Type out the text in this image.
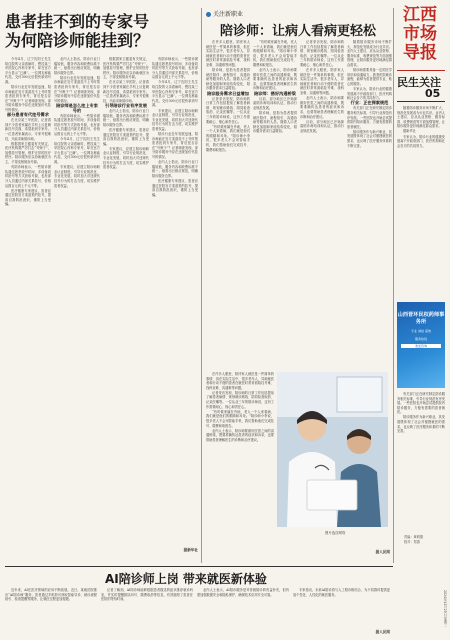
江西市场导报
民生关注
05
患者挂不到的专家号
为何陪诊师能挂到？

今年4月，辽宁沈阳王先生给住院的父亲看病时，想挂某三甲医院心内科专家号，却在官方平台显示“已满”。一位网友称能代挂，交付300元后很快拿到号源。

陪诊行业近年发展迅速，陪诊师能在官方渠道挂不上号时帮患者抢到专家号，背后是否存在“号贩子”？记者调查发现，部分陪诊服务中存在违规加价代挂号的情况。

部分患者有代挂号需求

在北京某三甲医院，记者看到不少患者家属在手机上反复刷新挂号页面，希望抢到专家号。一位患者家属表示，专家号很难挂，只能求助陪诊师。

根据国家卫健委有关规定，医疗机构要严厉打击“号贩子”，加强挂号管理，维护正常的医疗秩序。陪诊服务应以协助就医为主，不得变相倒卖号源。

有陪诊师表示，一些陪诊团队通过熟悉放号时间、多设备同时抢号等方式获取号源，也有部分人员通过内部关系挂号，价格从数百元到上千元不等。

医疗健康专家建议，患者应通过医院官方渠道预约挂号，提高自我防范意识，谨防上当受骗。

业内人士指出，陪诊行业门槛较低，服务内容和收费标准不统一，亟需出台相应规范，明确陪诊服务边界。

陪诊行业近年发展迅速，陪诊师能在官方渠道挂不上号时帮患者抢到专家号，背后是否存在“号贩子”？记者调查发现，部分陪诊服务中存在违规加价代挂号的情况。

陪诊师是怎么挂上专家号的

有陪诊师表示，一些陪诊团队通过熟悉放号时间、多设备同时抢号等方式获取号源，也有部分人员通过内部关系挂号，价格从数百元到上千元不等。

今年4月，辽宁沈阳王先生给住院的父亲看病时，想挂某三甲医院心内科专家号，却在官方平台显示“已满”。一位网友称能代挂，交付300元后很快拿到号源。

专家建议，应建立陪诊师职业认证制度，引导行业规范化、专业化发展，同时加大对违规代挂号行为的打击力度，切实维护患者权益。

根据国家卫健委有关规定，医疗机构要严厉打击“号贩子”，加强挂号管理，维护正常的医疗秩序。陪诊服务应以协助就医为主，不得变相倒卖号源。

在北京某三甲医院，记者看到不少患者家属在手机上反复刷新挂号页面，希望抢到专家号。一位患者家属表示，专家号很难挂，只能求助陪诊师。

引导陪诊行业有序发展

业内人士指出，陪诊行业门槛较低，服务内容和收费标准不统一，亟需出台相应规范，明确陪诊服务边界。

医疗健康专家建议，患者应通过医院官方渠道预约挂号，提高自我防范意识，谨防上当受骗。

专家建议，应建立陪诊师职业认证制度，引导行业规范化、专业化发展，同时加大对违规代挂号行为的打击力度，切实维护患者权益。

有陪诊师表示，一些陪诊团队通过熟悉放号时间、多设备同时抢号等方式获取号源，也有部分人员通过内部关系挂号，价格从数百元到上千元不等。

今年4月，辽宁沈阳王先生给住院的父亲看病时，想挂某三甲医院心内科专家号，却在官方平台显示“已满”。一位网友称能代挂，交付300元后很快拿到号源。

专家建议，应建立陪诊师职业认证制度，引导行业规范化、专业化发展，同时加大对违规代挂号行为的打击力度，切实维护患者权益。

陪诊行业近年发展迅速，陪诊师能在官方渠道挂不上号时帮患者抢到专家号，背后是否存在“号贩子”？记者调查发现，部分陪诊服务中存在违规加价代挂号的情况。

业内人士指出，陪诊行业门槛较低，服务内容和收费标准不统一，亟需出台相应规范，明确陪诊服务边界。

医疗健康专家建议，患者应通过医院官方渠道预约挂号，提高自我防范意识，谨防上当受骗。

据新华社
关注新职业
陪诊师：让病人看病更轻松

在许多人眼里，陪伴家人就医是一件简单的事情，但在实际生活中，很多老年人、异地就医者和行动不便的患者在就医时常常面临挂号难、找科室难、沟通难等问题。

陪诊师，是指为患者提供就医陪伴、流程指引、沟通协助等服务的人员。随着人口老龄化加剧和家庭结构变化，陪诊服务需求日益增加。

陪诊服务需求日益增加

记者采访发现，陪诊师的日常工作包括提前了解患者病情、规划就诊路线、陪同检查取药、记录医嘱等。一位从业三年的陪诊师说，这份工作需要耐心、细心和责任心。

“有时候家属在外地，老人一个人来看病，我们就是他们的眼睛和耳朵。”陪诊师小李说，很多老人不会用智能手机，我们帮助他们完成挂号、缴费和取报告。

“有时候家属在外地，老人一个人来看病，我们就是他们的眼睛和耳朵。”陪诊师小李说，很多老人不会用智能手机，我们帮助他们完成挂号、缴费和取报告。

业内人士表示，陪诊师要做好医患之间的沟通桥梁，既要准确传达患者的症状和诉求，也要帮助患者理解医生的诊断和治疗建议。

陪诊师：搭好沟通桥梁

目前，部分地区已开始探索陪诊师培训和认证，推动行业规范发展。

陪诊师，是指为患者提供就医陪伴、流程指引、沟通协助等服务的人员。随着人口老龄化加剧和家庭结构变化，陪诊服务需求日益增加。

记者采访发现，陪诊师的日常工作包括提前了解患者病情、规划就诊路线、陪同检查取药、记录医嘱等。一位从业三年的陪诊师说，这份工作需要耐心、细心和责任心。

在许多人眼里，陪伴家人就医是一件简单的事情，但在实际生活中，很多老年人、异地就医者和行动不便的患者在就医时常常面临挂号难、找科室难、沟通难等问题。

业内人士表示，陪诊师要做好医患之间的沟通桥梁，既要准确传达患者的症状和诉求，也要帮助患者理解医生的诊断和治疗建议。

目前，部分地区已开始探索陪诊师培训和认证，推动行业规范发展。

随着陪诊服务市场不断扩大，规范化发展成为行业共识。业内人士建议，应从从业资格、服务标准、收费规范等方面加强管理，让陪诊服务更好地满足群众需求。

陪诊师需要具备一定的医学常识和沟通能力，熟悉医院就诊流程，能够为患者提供专业、贴心的服务。

专家认为，陪诊行业的健康发展离不开政府部门、医疗机构和社会各方的共同努力。

行业：正在探索规范

有关部门正在研究制定陪诊服务相关标准，引导行业规范有序发展。一些医院也开始尝试提供院内陪诊服务，方便有需要的患者就医。

陪诊服务作为新兴职业，其发展既体现了社会对便捷就医的需求，也反映了医疗服务体系的不断完善。

在许多人眼里，陪伴家人就医是一件简单的事情，但在实际生活中，很多老年人、异地就医者和行动不便的患者在就医时常常面临挂号难、找科室难、沟通难等问题。

记者采访发现，陪诊师的日常工作包括提前了解患者病情、规划就诊路线、陪同检查取药、记录医嘱等。一位从业三年的陪诊师说，这份工作需要耐心、细心和责任心。

“有时候家属在外地，老人一个人来看病，我们就是他们的眼睛和耳朵。”陪诊师小李说，很多老人不会用智能手机，我们帮助他们完成挂号、缴费和取报告。

业内人士表示，陪诊师要做好医患之间的沟通桥梁，既要准确传达患者的症状和诉求，也要帮助患者理解医生的诊断和治疗建议。

图片选自网络
据人民网

随着陪诊服务市场不断扩大，规范化发展成为行业共识。业内人士建议，应从从业资格、服务标准、收费规范等方面加强管理，让陪诊服务更好地满足群众需求。

据新华社

专家认为，陪诊行业的健康发展离不开政府部门、医疗机构和社会各方的共同努力。

山西晋环民权药师事务所
专业 诚信 高效
服务热线
欢迎咨询

有关部门正在研究制定陪诊服务相关标准，引导行业规范有序发展。一些医院也开始尝试提供院内陪诊服务，方便有需要的患者就医。

陪诊服务作为新兴职业，其发展既体现了社会对便捷就医的需求，也反映了医疗服务体系的不断完善。

责编：黄明德
校对：郑燕
2024年12月25日 星期三
AI陪诊师上岗 带来就医新体验

近年来，AI在医疗领域的应用不断拓展。近日，某地医院推出“AI陪诊师”服务，患者通过手机即可获取智能导诊、就诊流程指引、检查提醒等服务，让就医过程更加便捷。

记者了解到，AI陪诊师能够根据患者描述的症状推荐就诊科室，并实时提醒排队叫号、缴费取药等信息，有效缩短了患者在医院的等待时间。

业内人士表示，AI陪诊服务是对传统陪诊的有益补充，但仍需加强数据安全和隐私保护，确保技术应用安全可靠。

专家指出，未来AI陪诊将与人工陪诊相结合，为不同群体提供更加个性化、人性化的就医服务。

据人民网
